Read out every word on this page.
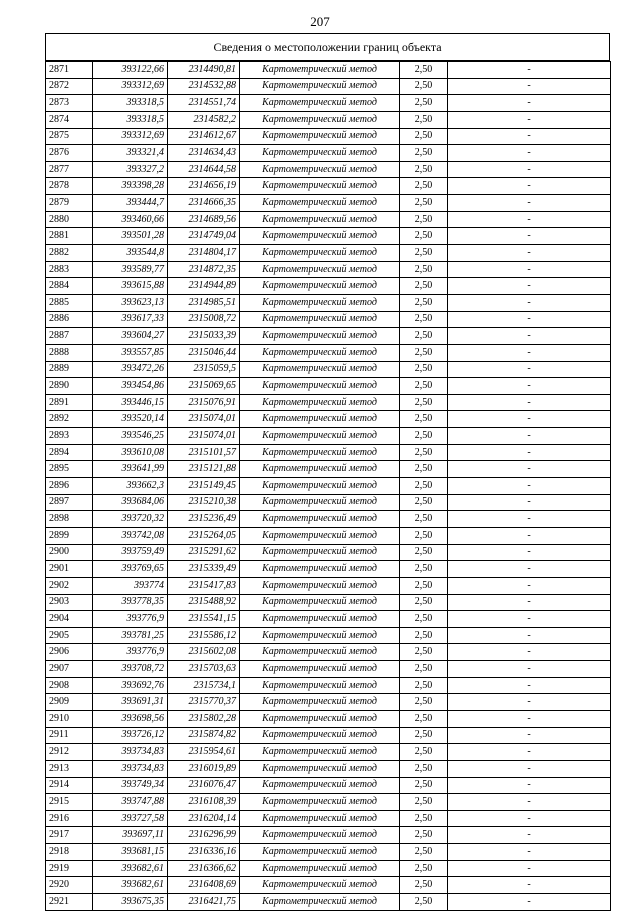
207
Сведения о местоположении границ объекта
2871	393122,66	2314490,81	Картометрический метод	2,50	-
2872	393312,69	2314532,88	Картометрический метод	2,50	-
2873	393318,5	2314551,74	Картометрический метод	2,50	-
2874	393318,5	2314582,2	Картометрический метод	2,50	-
2875	393312,69	2314612,67	Картометрический метод	2,50	-
2876	393321,4	2314634,43	Картометрический метод	2,50	-
2877	393327,2	2314644,58	Картометрический метод	2,50	-
2878	393398,28	2314656,19	Картометрический метод	2,50	-
2879	393444,7	2314666,35	Картометрический метод	2,50	-
2880	393460,66	2314689,56	Картометрический метод	2,50	-
2881	393501,28	2314749,04	Картометрический метод	2,50	-
2882	393544,8	2314804,17	Картометрический метод	2,50	-
2883	393589,77	2314872,35	Картометрический метод	2,50	-
2884	393615,88	2314944,89	Картометрический метод	2,50	-
2885	393623,13	2314985,51	Картометрический метод	2,50	-
2886	393617,33	2315008,72	Картометрический метод	2,50	-
2887	393604,27	2315033,39	Картометрический метод	2,50	-
2888	393557,85	2315046,44	Картометрический метод	2,50	-
2889	393472,26	2315059,5	Картометрический метод	2,50	-
2890	393454,86	2315069,65	Картометрический метод	2,50	-
2891	393446,15	2315076,91	Картометрический метод	2,50	-
2892	393520,14	2315074,01	Картометрический метод	2,50	-
2893	393546,25	2315074,01	Картометрический метод	2,50	-
2894	393610,08	2315101,57	Картометрический метод	2,50	-
2895	393641,99	2315121,88	Картометрический метод	2,50	-
2896	393662,3	2315149,45	Картометрический метод	2,50	-
2897	393684,06	2315210,38	Картометрический метод	2,50	-
2898	393720,32	2315236,49	Картометрический метод	2,50	-
2899	393742,08	2315264,05	Картометрический метод	2,50	-
2900	393759,49	2315291,62	Картометрический метод	2,50	-
2901	393769,65	2315339,49	Картометрический метод	2,50	-
2902	393774	2315417,83	Картометрический метод	2,50	-
2903	393778,35	2315488,92	Картометрический метод	2,50	-
2904	393776,9	2315541,15	Картометрический метод	2,50	-
2905	393781,25	2315586,12	Картометрический метод	2,50	-
2906	393776,9	2315602,08	Картометрический метод	2,50	-
2907	393708,72	2315703,63	Картометрический метод	2,50	-
2908	393692,76	2315734,1	Картометрический метод	2,50	-
2909	393691,31	2315770,37	Картометрический метод	2,50	-
2910	393698,56	2315802,28	Картометрический метод	2,50	-
2911	393726,12	2315874,82	Картометрический метод	2,50	-
2912	393734,83	2315954,61	Картометрический метод	2,50	-
2913	393734,83	2316019,89	Картометрический метод	2,50	-
2914	393749,34	2316076,47	Картометрический метод	2,50	-
2915	393747,88	2316108,39	Картометрический метод	2,50	-
2916	393727,58	2316204,14	Картометрический метод	2,50	-
2917	393697,11	2316296,99	Картометрический метод	2,50	-
2918	393681,15	2316336,16	Картометрический метод	2,50	-
2919	393682,61	2316366,62	Картометрический метод	2,50	-
2920	393682,61	2316408,69	Картометрический метод	2,50	-
2921	393675,35	2316421,75	Картометрический метод	2,50	-
